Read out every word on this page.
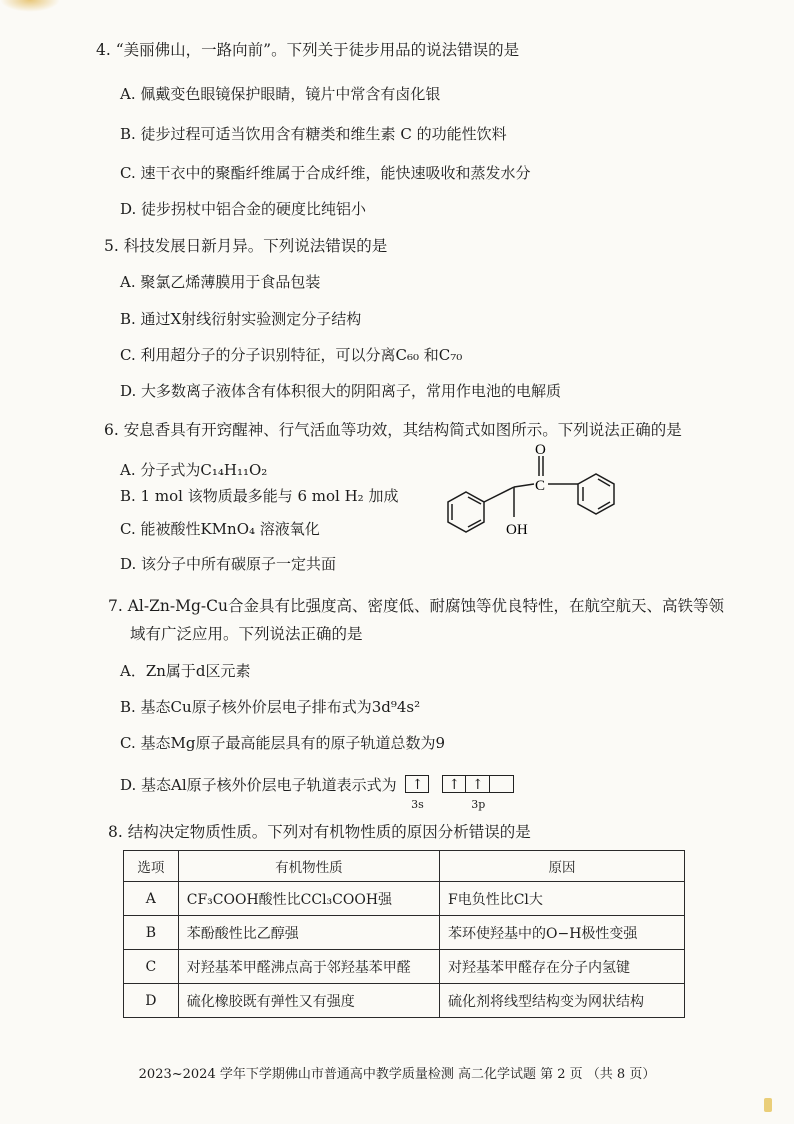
4. “美丽佛山，一路向前”。下列关于徒步用品的说法错误的是
A. 佩戴变色眼镜保护眼睛，镜片中常含有卤化银
B. 徒步过程可适当饮用含有糖类和维生素 C 的功能性饮料
C. 速干衣中的聚酯纤维属于合成纤维，能快速吸收和蒸发水分
D. 徒步拐杖中铝合金的硬度比纯铝小
5. 科技发展日新月异。下列说法错误的是
A. 聚氯乙烯薄膜用于食品包装
B. 通过X射线衍射实验测定分子结构
C. 利用超分子的分子识别特征，可以分离C₆₀ 和C₇₀
D. 大多数离子液体含有体积很大的阴阳离子，常用作电池的电解质
6. 安息香具有开窍醒神、行气活血等功效，其结构简式如图所示。下列说法正确的是
A. 分子式为C₁₄H₁₁O₂
B. 1 mol 该物质最多能与 6 mol H₂ 加成
C. 能被酸性KMnO₄ 溶液氧化
D. 该分子中所有碳原子一定共面
O
C
OH
7. Al-Zn-Mg-Cu合金具有比强度高、密度低、耐腐蚀等优良特性，在航空航天、高铁等领
域有广泛应用。下列说法正确的是
A．Zn属于d区元素
B. 基态Cu原子核外价层电子排布式为3d⁹4s²
C. 基态Mg原子最高能层具有的原子轨道总数为9
D. 基态Al原子核外价层电子轨道表示式为	↑
3s

↑ ↑
3p
8. 结构决定物质性质。下列对有机物性质的原因分析错误的是
选项	有机物性质	原因
A	CF₃COOH酸性比CCl₃COOH强	F电负性比Cl大
B	苯酚酸性比乙醇强	苯环使羟基中的O−H极性变强
C	对羟基苯甲醛沸点高于邻羟基苯甲醛	对羟基苯甲醛存在分子内氢键
D	硫化橡胶既有弹性又有强度	硫化剂将线型结构变为网状结构
2023~2024 学年下学期佛山市普通高中教学质量检测 高二化学试题 第 2 页 （共 8 页）
